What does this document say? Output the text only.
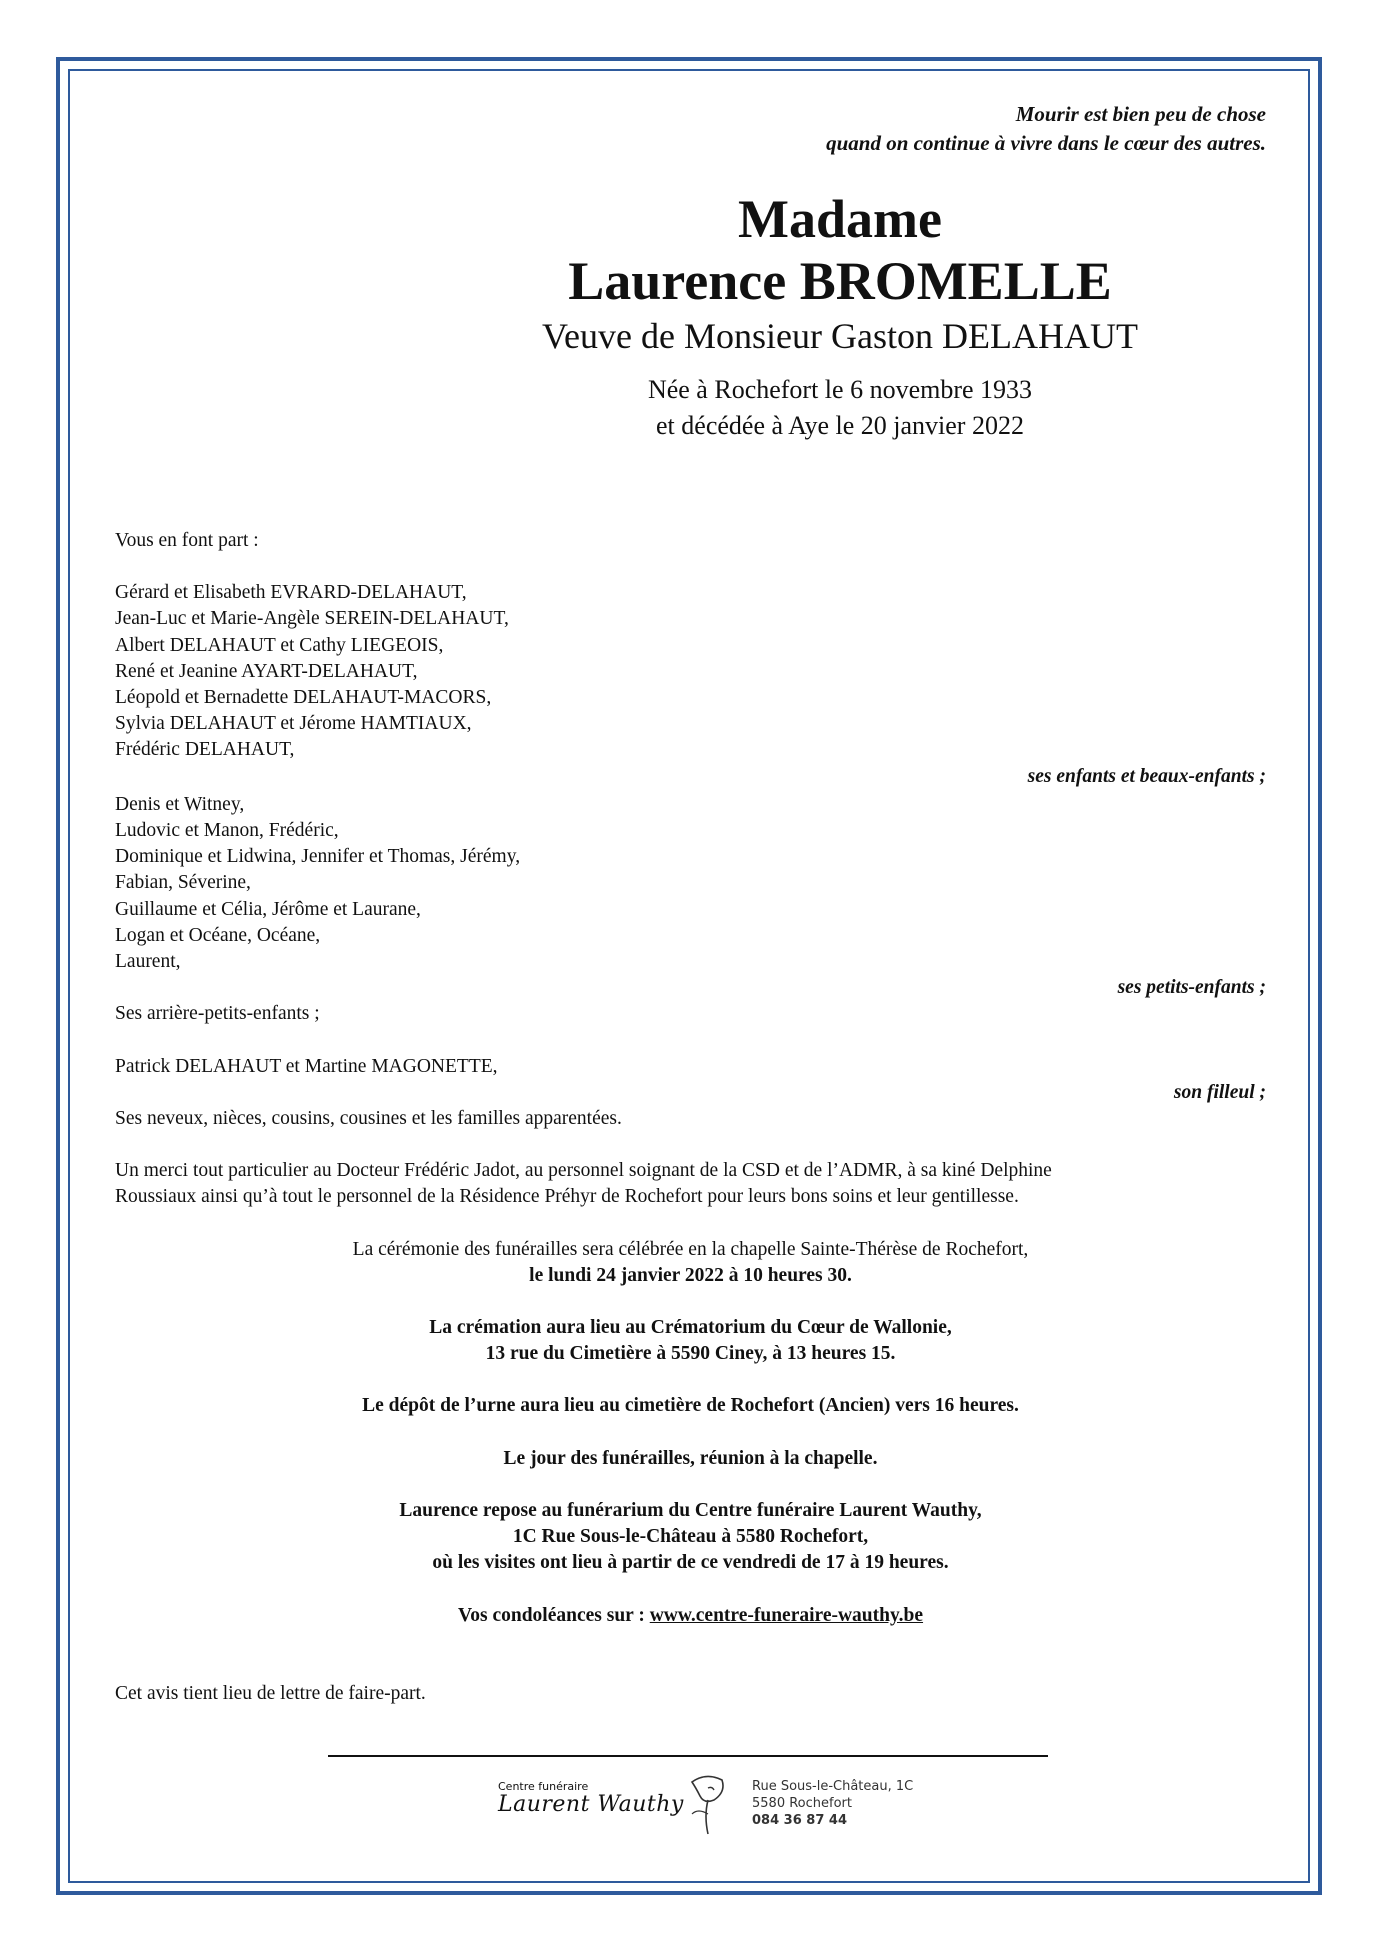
Mourir est bien peu de chose
quand on continue à vivre dans le cœur des autres.
Madame
Laurence BROMELLE
Veuve de Monsieur Gaston DELAHAUT
Née à Rochefort le 6 novembre 1933
et décédée à Aye le 20 janvier 2022
Vous en font part :
Gérard et Elisabeth EVRARD-DELAHAUT,
Jean-Luc et Marie-Angèle SEREIN-DELAHAUT,
Albert DELAHAUT et Cathy LIEGEOIS,
René et Jeanine AYART-DELAHAUT,
Léopold et Bernadette DELAHAUT-MACORS,
Sylvia DELAHAUT et Jérome HAMTIAUX,
Frédéric DELAHAUT,
ses enfants et beaux-enfants ;
Denis et Witney,
Ludovic et Manon, Frédéric,
Dominique et Lidwina, Jennifer et Thomas, Jérémy,
Fabian, Séverine,
Guillaume et Célia, Jérôme et Laurane,
Logan et Océane, Océane,
Laurent,
ses petits-enfants ;
Ses arrière-petits-enfants ;
Patrick DELAHAUT et Martine MAGONETTE,
son filleul ;
Ses neveux, nièces, cousins, cousines et les familles apparentées.
Un merci tout particulier au Docteur Frédéric Jadot, au personnel soignant de la CSD et de l’ADMR, à sa kiné Delphine
Roussiaux ainsi qu’à tout le personnel de la Résidence Préhyr de Rochefort pour leurs bons soins et leur gentillesse.
La cérémonie des funérailles sera célébrée en la chapelle Sainte-Thérèse de Rochefort,
le lundi 24 janvier 2022 à 10 heures 30.
La crémation aura lieu au Crématorium du Cœur de Wallonie,
13 rue du Cimetière à 5590 Ciney, à 13 heures 15.
Le dépôt de l’urne aura lieu au cimetière de Rochefort (Ancien) vers 16 heures.
Le jour des funérailles, réunion à la chapelle.
Laurence repose au funérarium du Centre funéraire Laurent Wauthy,
1C Rue Sous-le-Château à 5580 Rochefort,
où les visites ont lieu à partir de ce vendredi de 17 à 19 heures.
Vos condoléances sur : www.centre-funeraire-wauthy.be
Cet avis tient lieu de lettre de faire-part.
Centre funéraire
Laurent Wauthy
Rue Sous-le-Château, 1C
5580 Rochefort
084 36 87 44
